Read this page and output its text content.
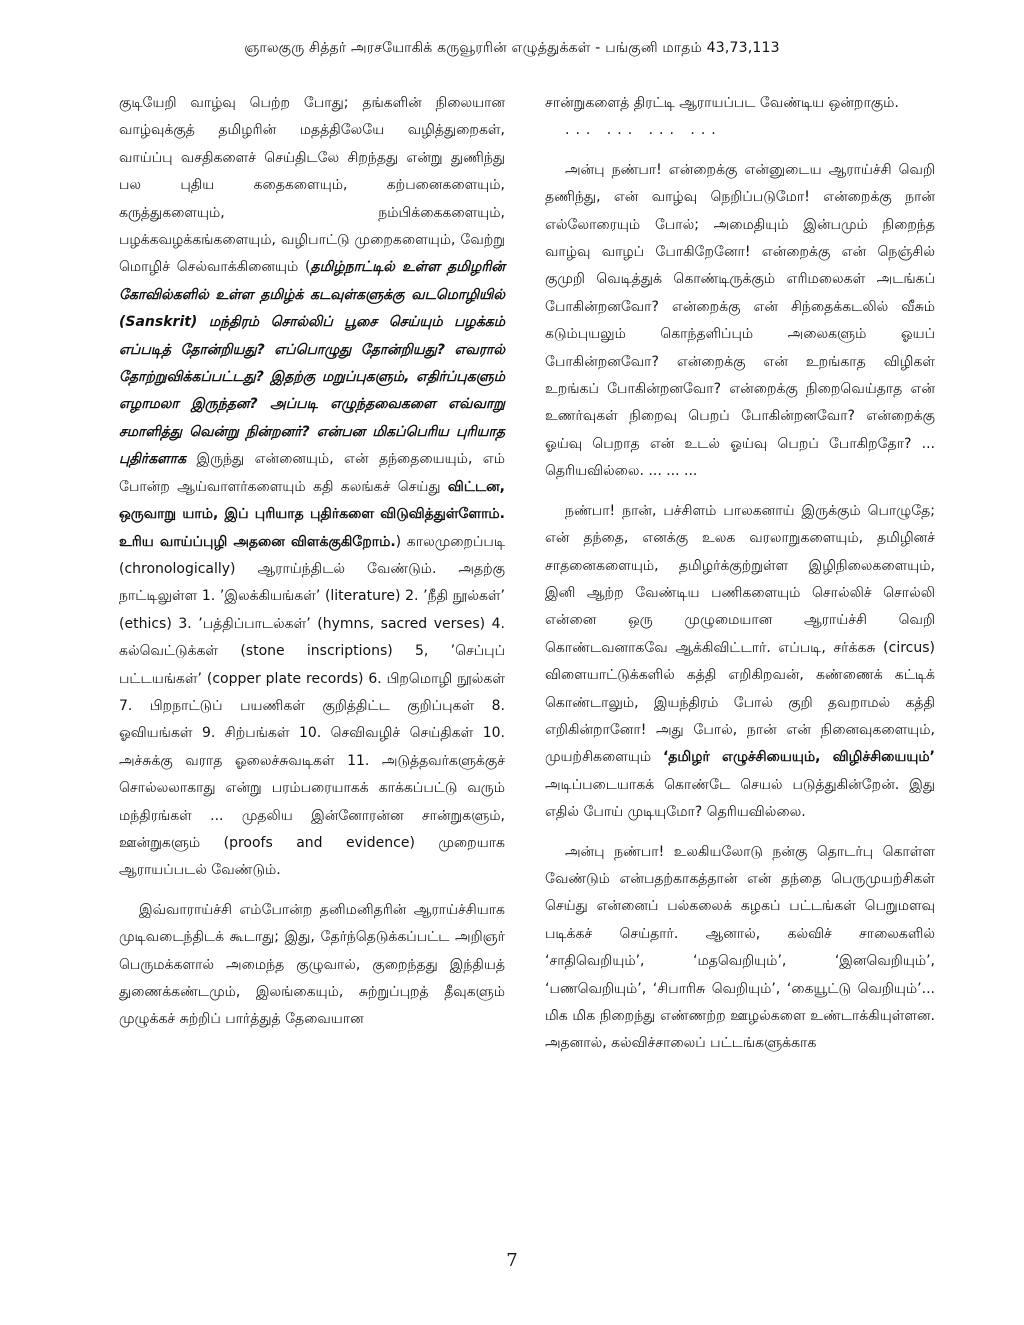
ஞாலகுரு சித்தர் அரசயோகிக் கருவூரரின் எழுத்துக்கள் - பங்குனி மாதம் 43,73,113

குடியேறி வாழ்வு பெற்ற போது; தங்களின் நிலையான வாழ்வுக்குத் தமிழரின் மதத்திலேயே வழித்துறைகள், வாய்ப்பு வசதிகளைச் செய்திடலே சிறந்தது என்று துணிந்து பல புதிய கதைகளையும், கற்பனைகளையும், கருத்துகளையும், நம்பிக்கைகளையும், பழக்கவழக்கங்களையும், வழிபாட்டு முறைகளையும், வேற்று மொழிச் செல்வாக்கினையும் (தமிழ்நாட்டில் உள்ள தமிழரின் கோவில்களில் உள்ள தமிழ்க் கடவுள்களுக்கு வடமொழியில் (Sanskrit) மந்திரம் சொல்லிப் பூசை செய்யும் பழக்கம் எப்படித் தோன்றியது? எப்பொழுது தோன்றியது? எவரால் தோற்றுவிக்கப்பட்டது? இதற்கு மறுப்புகளும், எதிர்ப்புகளும் எழாமலா இருந்தன? அப்படி எழுந்தவைகளை எவ்வாறு சமாளித்து வென்று நின்றனர்? என்பன மிகப்பெரிய புரியாத புதிர்களாக இருந்து என்னையும், என் தந்தையையும், எம் போன்ற ஆய்வாளர்களையும் கதி கலங்கச் செய்து விட்டன, ஒருவாறு யாம், இப் புரியாத புதிர்களை விடுவித்துள்ளோம். உரிய வாய்ப்புழி அதனை விளக்குகிறோம்.) காலமுறைப்படி (chronologically) ஆராய்ந்திடல் வேண்டும். அதற்கு நாட்டிலுள்ள 1. ’இலக்கியங்கள்’ (literature) 2. ’நீதி நூல்கள்’ (ethics) 3. ’பத்திப்பாடல்கள்’ (hymns, sacred verses) 4. கல்வெட்டுக்கள் (stone inscriptions) 5, ’செப்புப் பட்டயங்கள்’ (copper plate records) 6. பிறமொழி நூல்கள் 7. பிறநாட்டுப் பயணிகள் குறித்திட்ட குறிப்புகள் 8. ஓவியங்கள் 9. சிற்பங்கள் 10. செவிவழிச் செய்திகள் 10. அச்சுக்கு வராத ஓலைச்சுவடிகள் 11. அடுத்தவர்களுக்குச் சொல்லலாகாது என்று பரம்பரையாகக் காக்கப்பட்டு வரும் மந்திரங்கள் ... முதலிய இன்னோரன்ன சான்றுகளும், ஊன்றுகளும் (proofs and evidence) முறையாக ஆராயப்படல் வேண்டும்.

இவ்வாராய்ச்சி எம்போன்ற தனிமனிதரின் ஆராய்ச்சியாக முடிவடைந்திடக் கூடாது; இது, தேர்ந்தெடுக்கப்பட்ட அறிஞர் பெருமக்களால் அமைந்த குழுவால், குறைந்தது இந்தியத் துணைக்கண்டமும், இலங்கையும், சுற்றுப்புறத் தீவுகளும் முழுக்கச் சுற்றிப் பார்த்துத் தேவையான

சான்றுகளைத் திரட்டி ஆராயப்பட வேண்டிய ஒன்றாகும்.

... ... ... ...

அன்பு நண்பா! என்றைக்கு என்னுடைய ஆராய்ச்சி வெறி தணிந்து, என் வாழ்வு நெறிப்படுமோ! என்றைக்கு நான் எல்லோரையும் போல்; அமைதியும் இன்பமும் நிறைந்த வாழ்வு வாழப் போகிறேனோ! என்றைக்கு என் நெஞ்சில் குமுறி வெடித்துக் கொண்டிருக்கும் எரிமலைகள் அடங்கப் போகின்றனவோ? என்றைக்கு என் சிந்தைக்கடலில் வீசும் கடும்புயலும் கொந்தளிப்பும் அலைகளும் ஓயப் போகின்றனவோ? என்றைக்கு என் உறங்காத விழிகள் உறங்கப் போகின்றனவோ? என்றைக்கு நிறைவெய்தாத என் உணர்வுகள் நிறைவு பெறப் போகின்றனவோ? என்றைக்கு ஓய்வு பெறாத என் உடல் ஓய்வு பெறப் போகிறதோ? ... தெரியவில்லை. ... ... ...

நண்பா! நான், பச்சிளம் பாலகனாய் இருக்கும் பொழுதே; என் தந்தை, எனக்கு உலக வரலாறுகளையும், தமிழினச் சாதனைகளையும், தமிழர்க்குற்றுள்ள இழிநிலைகளையும், இனி ஆற்ற வேண்டிய பணிகளையும் சொல்லிச் சொல்லி என்னை ஒரு முழுமையான ஆராய்ச்சி வெறி கொண்டவனாகவே ஆக்கிவிட்டார். எப்படி, சர்க்கசு (circus) விளையாட்டுக்களில் கத்தி எறிகிறவன், கண்ணைக் கட்டிக் கொண்டாலும், இயந்திரம் போல் குறி தவறாமல் கத்தி எறிகின்றானோ! அது போல், நான் என் நினைவுகளையும், முயற்சிகளையும் ‘தமிழர் எழுச்சியையும், விழிச்சியையும்’ அடிப்படையாகக் கொண்டே செயல் படுத்துகின்றேன். இது எதில் போய் முடியுமோ? தெரியவில்லை.

அன்பு நண்பா! உலகியலோடு நன்கு தொடர்பு கொள்ள வேண்டும் என்பதற்காகத்தான் என் தந்தை பெருமுயற்சிகள் செய்து என்னைப் பல்கலைக் கழகப் பட்டங்கள் பெறுமளவு படிக்கச் செய்தார். ஆனால், கல்விச் சாலைகளில் ‘சாதிவெறியும்’, ‘மதவெறியும்’, ‘இனவெறியும்’, ‘பணவெறியும்’, ‘சிபாரிசு வெறியும்’, ‘கையூட்டு வெறியும்’... மிக மிக நிறைந்து எண்ணற்ற ஊழல்களை உண்டாக்கியுள்ளன. அதனால், கல்விச்சாலைப் பட்டங்களுக்காக

7
